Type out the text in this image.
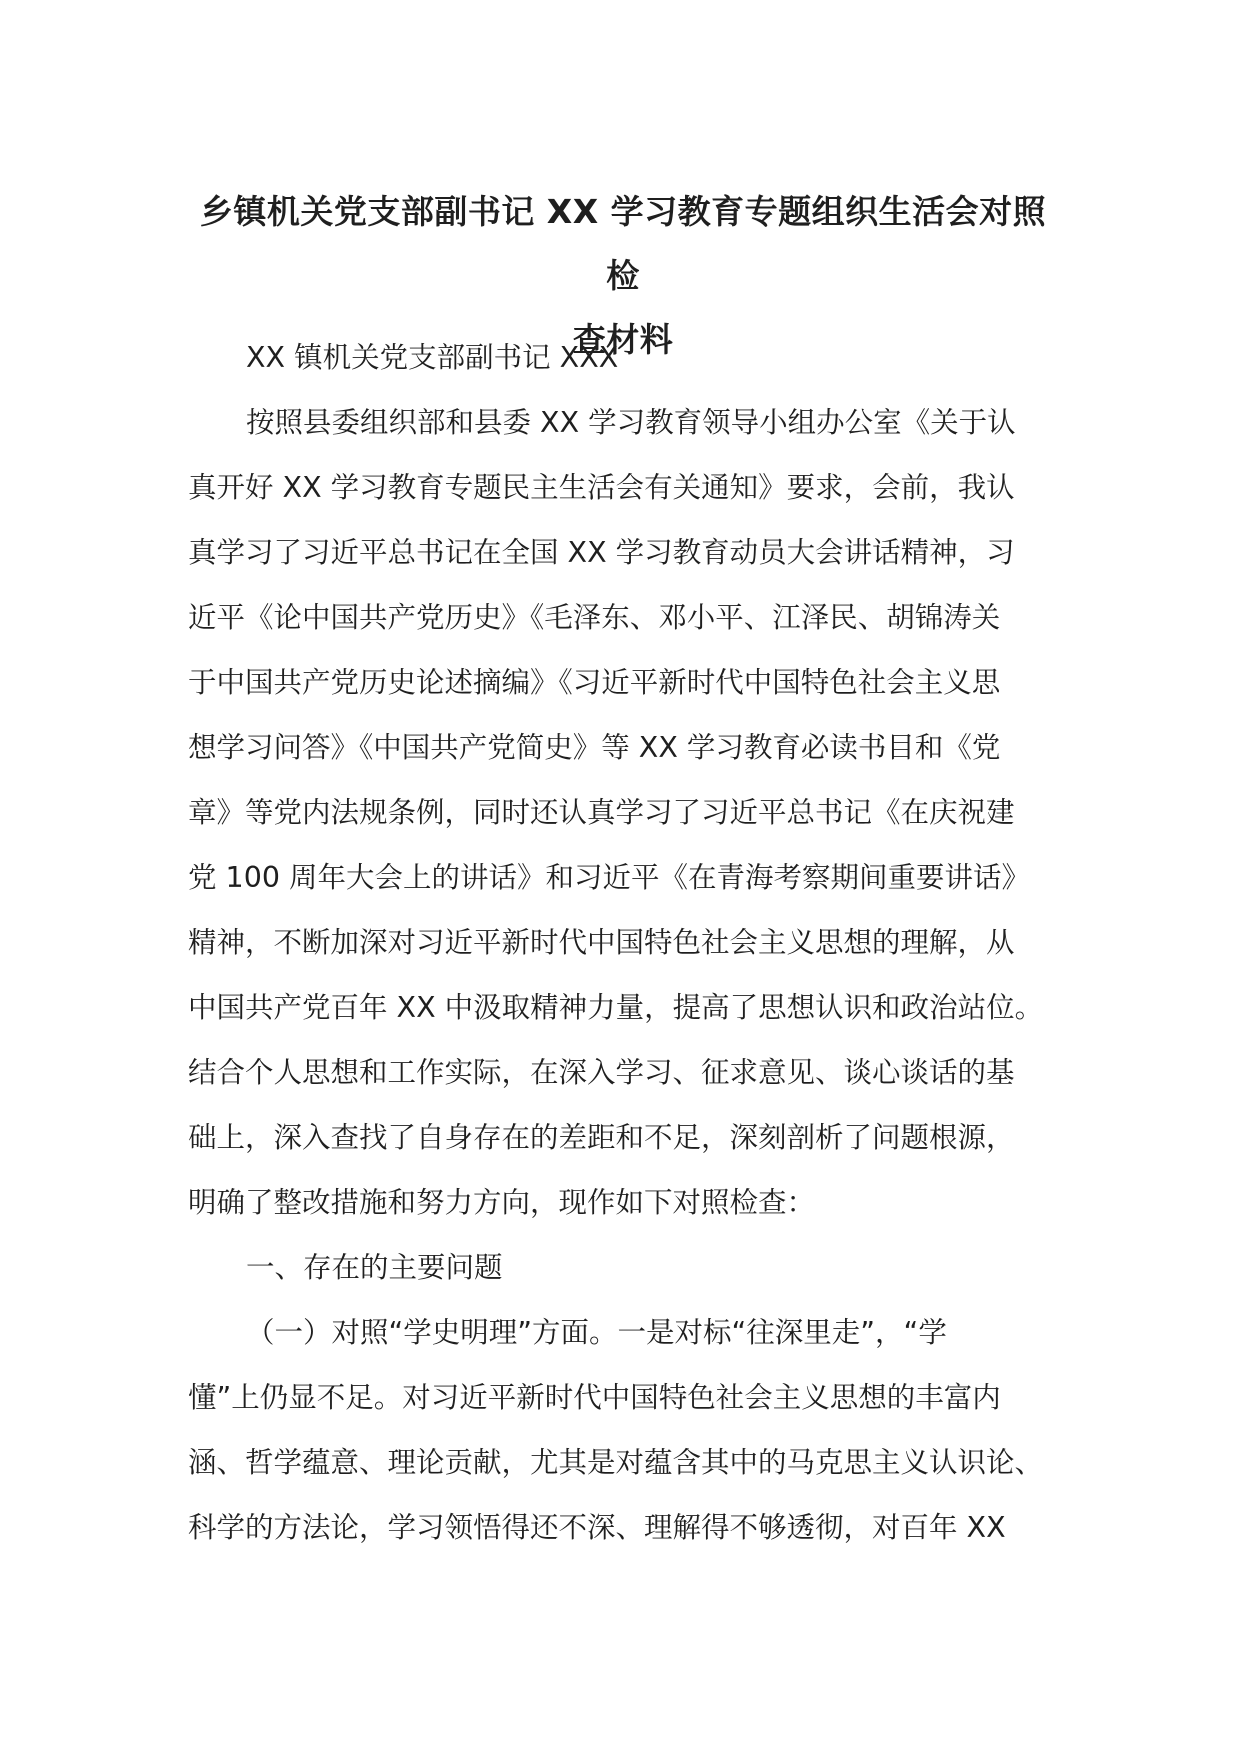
乡镇机关党支部副书记 XX 学习教育专题组织生活会对照检
查材料
XX 镇机关党支部副书记 XXX
按照县委组织部和县委 XX 学习教育领导小组办公室《关于认
真开好 XX 学习教育专题民主生活会有关通知》要求，会前，我认
真学习了习近平总书记在全国 XX 学习教育动员大会讲话精神，习
近平《论中国共产党历史》《毛泽东、邓小平、江泽民、胡锦涛关
于中国共产党历史论述摘编》《习近平新时代中国特色社会主义思
想学习问答》《中国共产党简史》等 XX 学习教育必读书目和《党
章》等党内法规条例，同时还认真学习了习近平总书记《在庆祝建
党 100 周年大会上的讲话》和习近平《在青海考察期间重要讲话》
精神，不断加深对习近平新时代中国特色社会主义思想的理解，从
中国共产党百年 XX 中汲取精神力量，提高了思想认识和政治站位。
结合个人思想和工作实际，在深入学习、征求意见、谈心谈话的基
础上，深入查找了自身存在的差距和不足，深刻剖析了问题根源，
明确了整改措施和努力方向，现作如下对照检查：
一、存在的主要问题
（一）对照“学史明理”方面。一是对标“往深里走”，“学
懂”上仍显不足。对习近平新时代中国特色社会主义思想的丰富内
涵、哲学蕴意、理论贡献，尤其是对蕴含其中的马克思主义认识论、
科学的方法论，学习领悟得还不深、理解得不够透彻，对百年 XX
